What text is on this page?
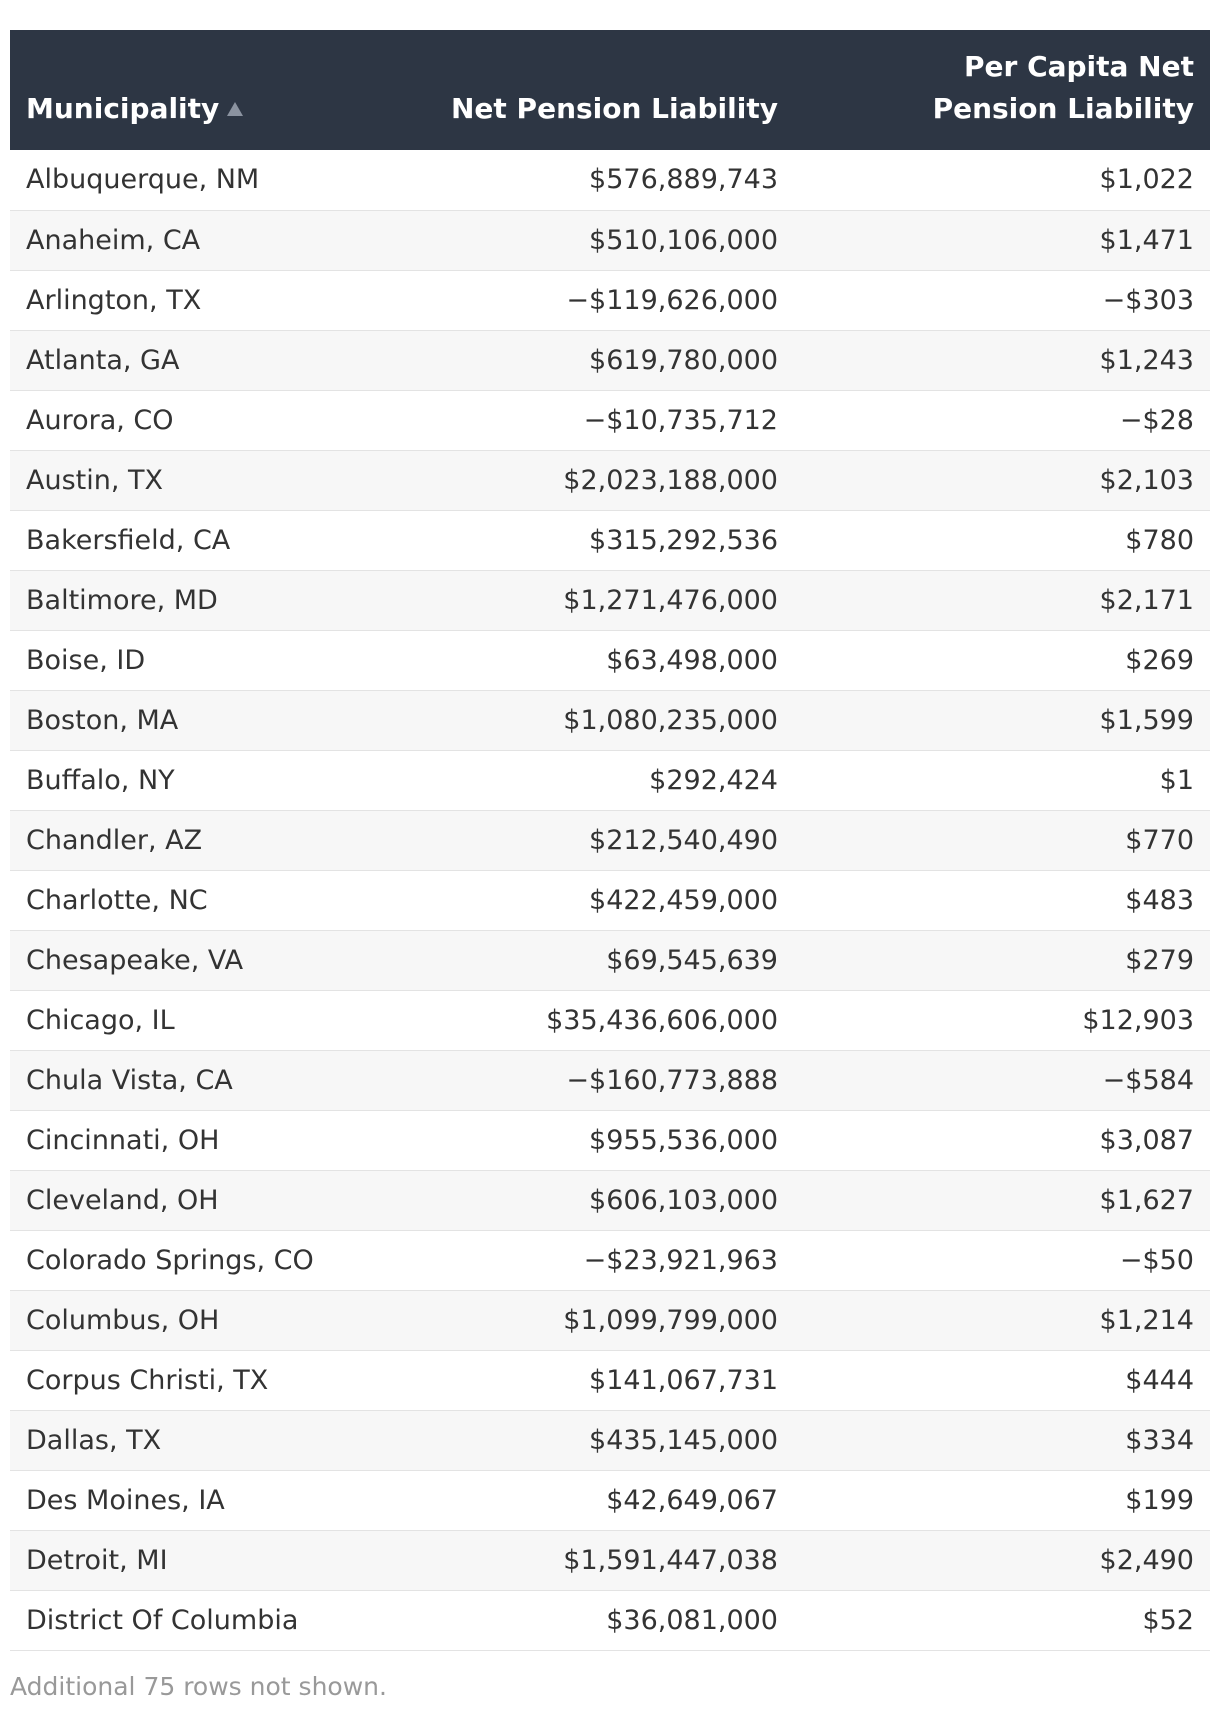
Municipality	Net Pension Liability	Per Capita Net
Pension Liability
Albuquerque, NM	$576,889,743	$1,022
Anaheim, CA	$510,106,000	$1,471
Arlington, TX	−$119,626,000	−$303
Atlanta, GA	$619,780,000	$1,243
Aurora, CO	−$10,735,712	−$28
Austin, TX	$2,023,188,000	$2,103
Bakersfield, CA	$315,292,536	$780
Baltimore, MD	$1,271,476,000	$2,171
Boise, ID	$63,498,000	$269
Boston, MA	$1,080,235,000	$1,599
Buffalo, NY	$292,424	$1
Chandler, AZ	$212,540,490	$770
Charlotte, NC	$422,459,000	$483
Chesapeake, VA	$69,545,639	$279
Chicago, IL	$35,436,606,000	$12,903
Chula Vista, CA	−$160,773,888	−$584
Cincinnati, OH	$955,536,000	$3,087
Cleveland, OH	$606,103,000	$1,627
Colorado Springs, CO	−$23,921,963	−$50
Columbus, OH	$1,099,799,000	$1,214
Corpus Christi, TX	$141,067,731	$444
Dallas, TX	$435,145,000	$334
Des Moines, IA	$42,649,067	$199
Detroit, MI	$1,591,447,038	$2,490
District Of Columbia	$36,081,000	$52
Additional 75 rows not shown.
